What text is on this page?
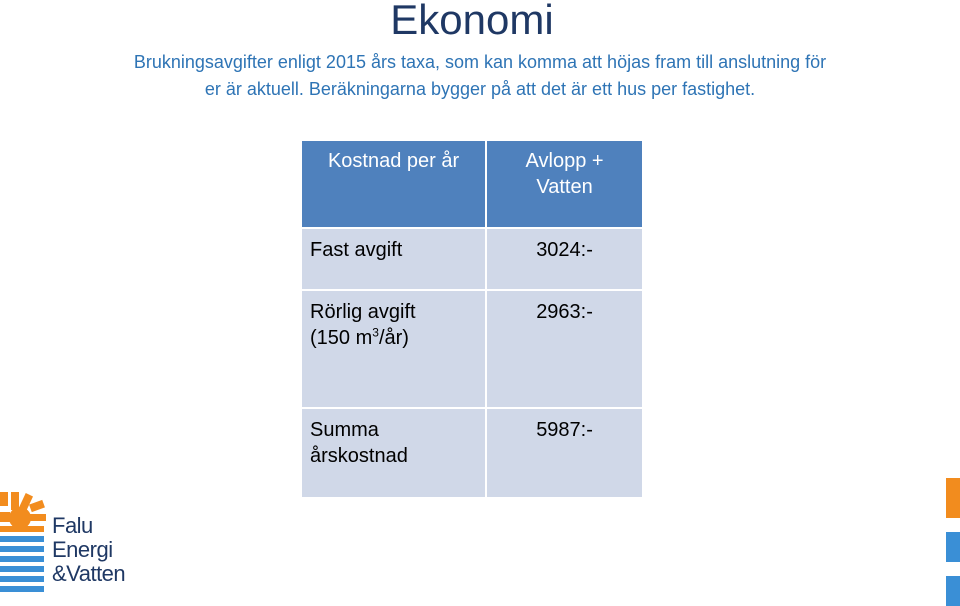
Ekonomi
Brukningsavgifter enligt 2015 års taxa, som kan komma att höjas fram till anslutning för
er är aktuell. Beräkningarna bygger på att det är ett hus per fastighet.
Kostnad per år	Avlopp +
Vatten

Fast avgift	3024:-

Rörlig avgift
(150 $m^3/år$)	2963:-

Summa
årskostnad	5987:-
Falu
Energi
&Vatten
